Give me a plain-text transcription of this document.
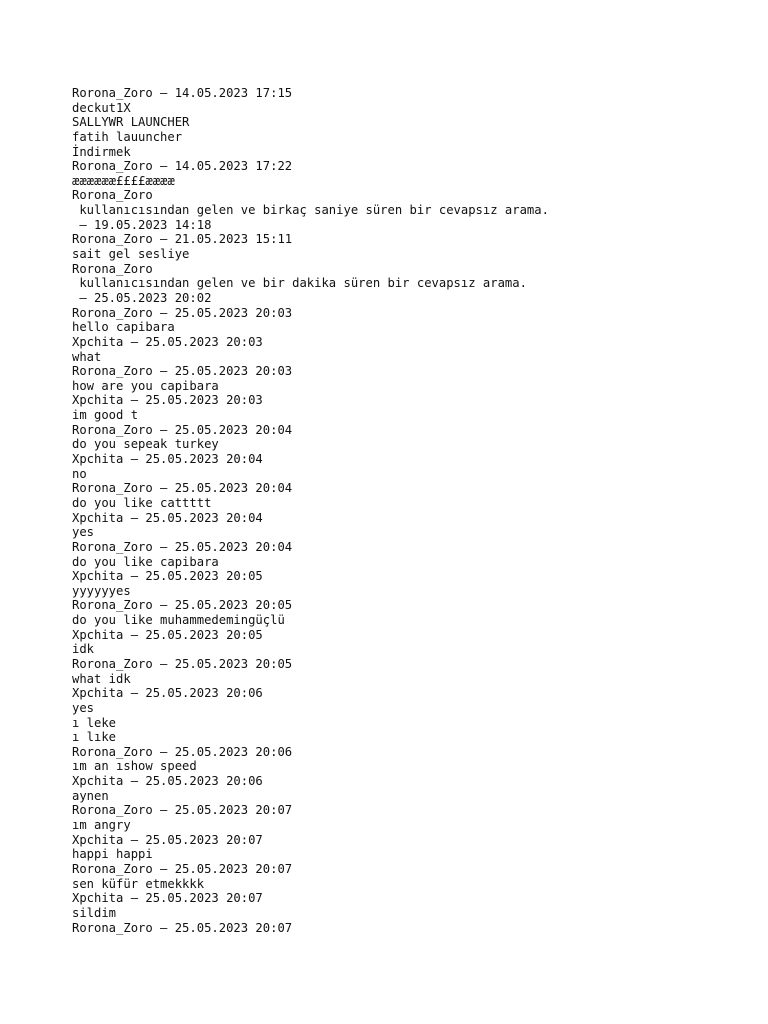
Rorona_Zoro — 14.05.2023 17:15
deckut1X
SALLYWR LAUNCHER
fatih lauuncher
İndirmek
Rorona_Zoro — 14.05.2023 17:22
ææææææ££££ææææ
Rorona_Zoro
kullanıcısından gelen ve birkaç saniye süren bir cevapsız arama.
— 19.05.2023 14:18
Rorona_Zoro — 21.05.2023 15:11
sait gel sesliye
Rorona_Zoro
kullanıcısından gelen ve bir dakika süren bir cevapsız arama.
— 25.05.2023 20:02
Rorona_Zoro — 25.05.2023 20:03
hello capibara
Xpchita — 25.05.2023 20:03
what
Rorona_Zoro — 25.05.2023 20:03
how are you capibara
Xpchita — 25.05.2023 20:03
im good t
Rorona_Zoro — 25.05.2023 20:04
do you sepeak turkey
Xpchita — 25.05.2023 20:04
no
Rorona_Zoro — 25.05.2023 20:04
do you like cattttt
Xpchita — 25.05.2023 20:04
yes
Rorona_Zoro — 25.05.2023 20:04
do you like capibara
Xpchita — 25.05.2023 20:05
yyyyyyes
Rorona_Zoro — 25.05.2023 20:05
do you like muhammedemingüçlü
Xpchita — 25.05.2023 20:05
idk
Rorona_Zoro — 25.05.2023 20:05
what idk
Xpchita — 25.05.2023 20:06
yes
ı leke
ı lıke
Rorona_Zoro — 25.05.2023 20:06
ım an ıshow speed
Xpchita — 25.05.2023 20:06
aynen
Rorona_Zoro — 25.05.2023 20:07
ım angry
Xpchita — 25.05.2023 20:07
happi happi
Rorona_Zoro — 25.05.2023 20:07
sen küfür etmekkkk
Xpchita — 25.05.2023 20:07
sildim
Rorona_Zoro — 25.05.2023 20:07
